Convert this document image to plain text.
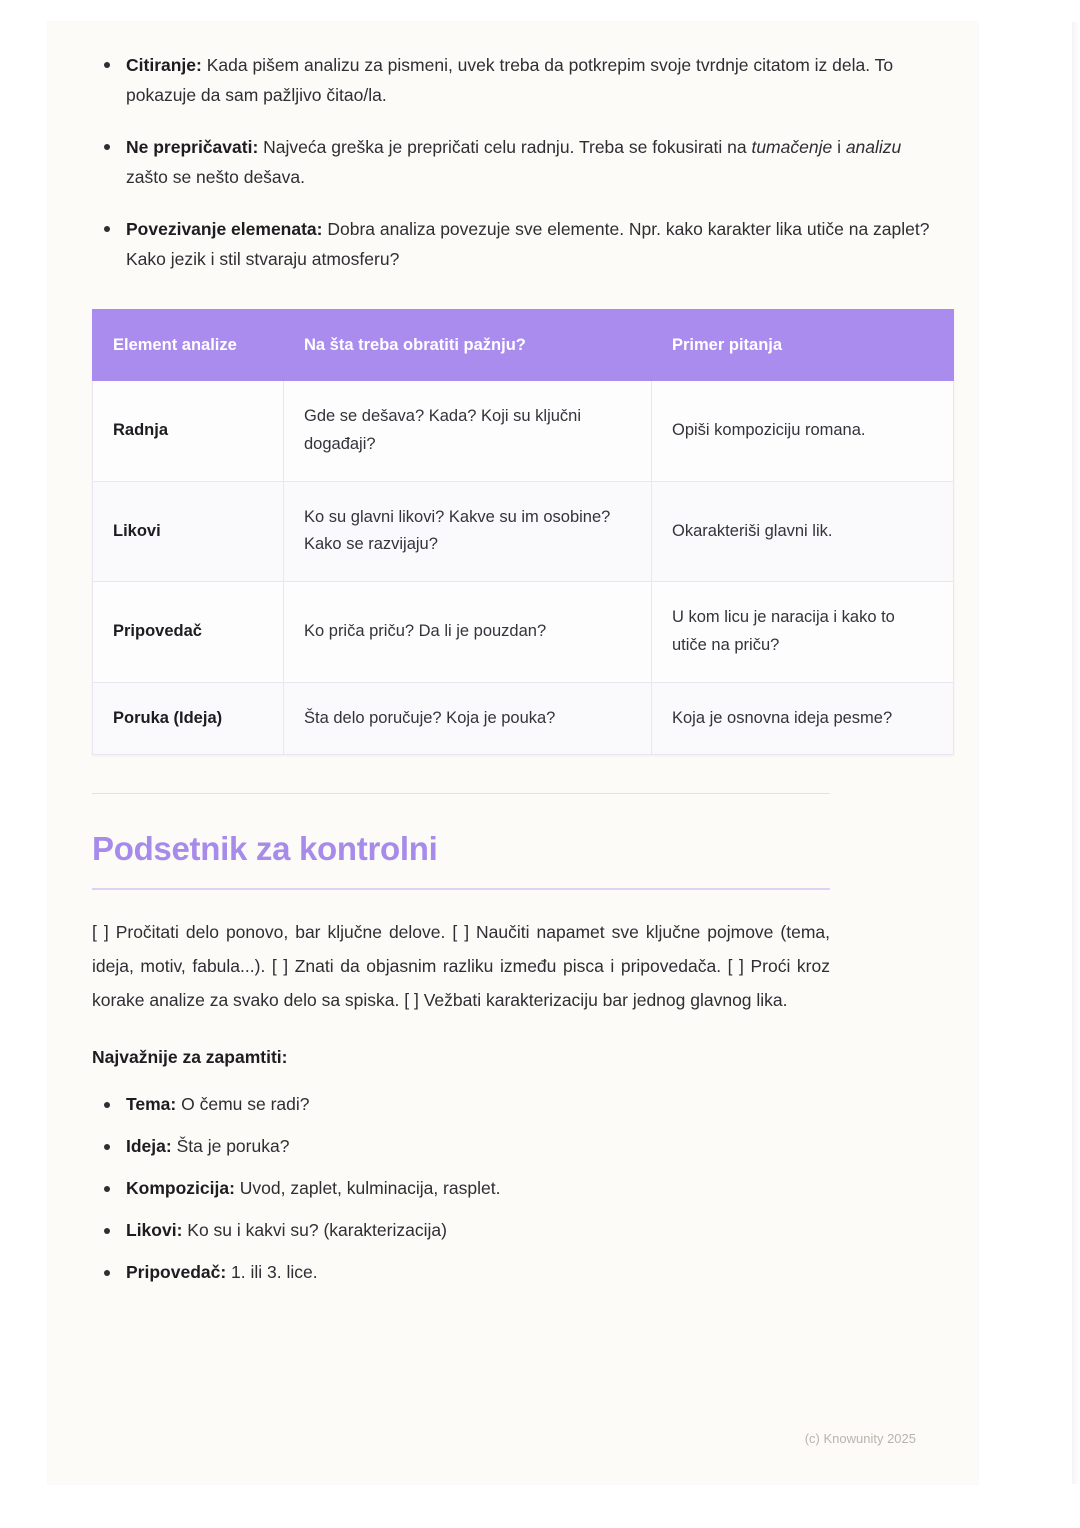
Citiranje: Kada pišem analizu za pismeni, uvek treba da potkrepim svoje tvrdnje citatom iz dela. To pokazuje da sam pažljivo čitao/la.
Ne prepričavati: Najveća greška je prepričati celu radnju. Treba se fokusirati na tumačenje i analizu zašto se nešto dešava.
Povezivanje elemenata: Dobra analiza povezuje sve elemente. Npr. kako karakter lika utiče na zaplet? Kako jezik i stil stvaraju atmosferu?
Element analize	Na šta treba obratiti pažnju?	Primer pitanja
Radnja	Gde se dešava? Kada? Koji su ključni događaji?	Opiši kompoziciju romana.
Likovi	Ko su glavni likovi? Kakve su im osobine? Kako se razvijaju?	Okarakteriši glavni lik.
Pripovedač	Ko priča priču? Da li je pouzdan?	U kom licu je naracija i kako to utiče na priču?
Poruka (Ideja)	Šta delo poručuje? Koja je pouka?	Koja je osnovna ideja pesme?
Podsetnik za kontrolni

[ ] Pročitati delo ponovo, bar ključne delove. [ ] Naučiti napamet sve ključne pojmove (tema, ideja, motiv, fabula...). [ ] Znati da objasnim razliku između pisca i pripovedača. [ ] Proći kroz korake analize za svako delo sa spiska. [ ] Vežbati karakterizaciju bar jednog glavnog lika.

Najvažnije za zapamtiti:

Tema: O čemu se radi?
Ideja: Šta je poruka?
Kompozicija: Uvod, zaplet, kulminacija, rasplet.
Likovi: Ko su i kakvi su? (karakterizacija)
Pripovedač: 1. ili 3. lice.
(c) Knowunity 2025
